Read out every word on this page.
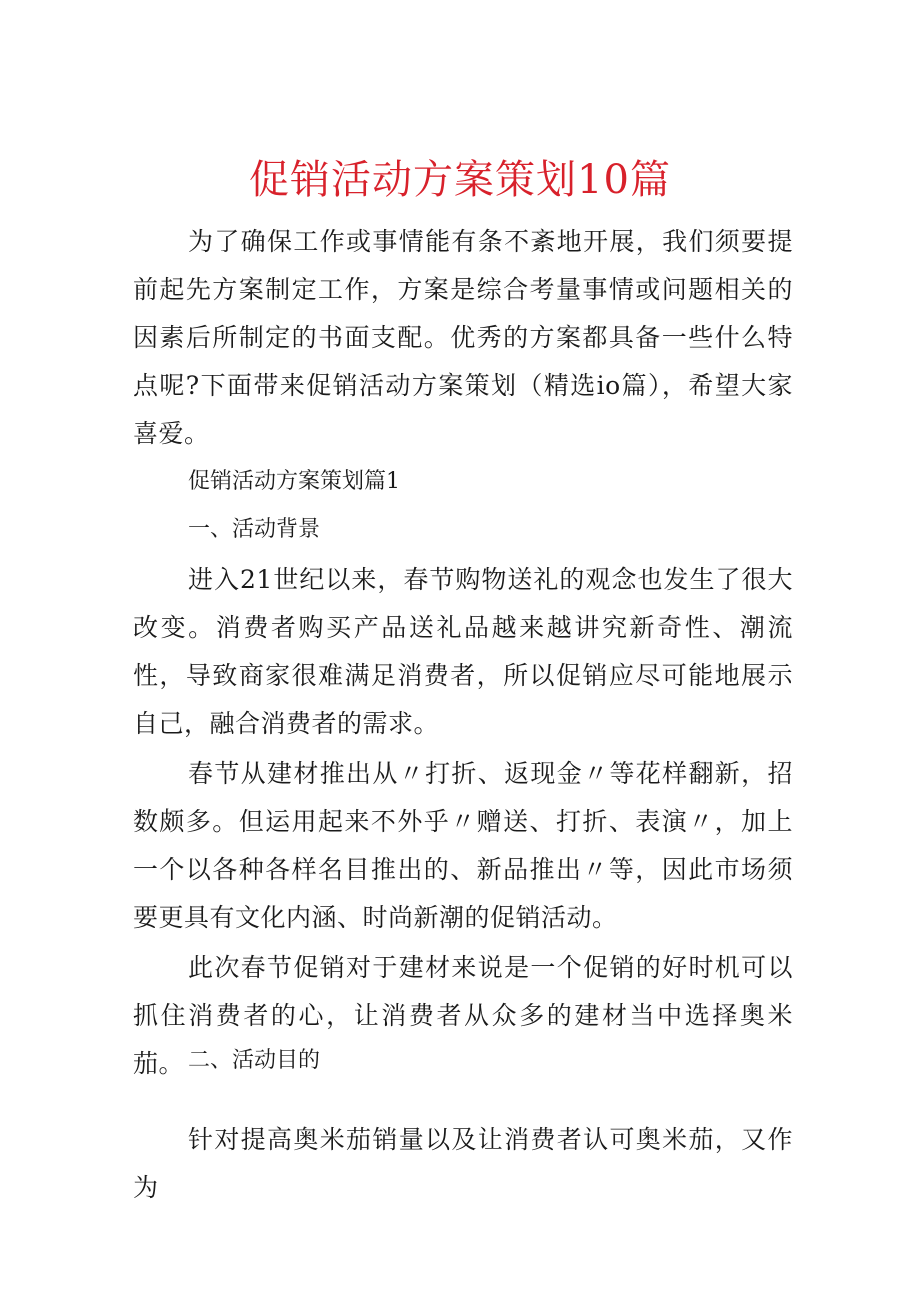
促销活动方案策划10篇

为了确保工作或事情能有条不紊地开展，我们须要提前起先方案制定工作，方案是综合考量事情或问题相关的因素后所制定的书面支配。优秀的方案都具备一些什么特点呢?下面带来促销活动方案策划（精选io篇），希望大家喜爱。

促销活动方案策划篇1

一、活动背景

进入21世纪以来，春节购物送礼的观念也发生了很大改变。消费者购买产品送礼品越来越讲究新奇性、潮流性，导致商家很难满足消费者，所以促销应尽可能地展示自己，融合消费者的需求。

春节从建材推出从〃打折、返现金〃等花样翻新，招数颇多。但运用起来不外乎〃赠送、打折、表演〃，加上一个以各种各样名目推出的、新品推出〃等，因此市场须要更具有文化内涵、时尚新潮的促销活动。

此次春节促销对于建材来说是一个促销的好时机可以抓住消费者的心，让消费者从众多的建材当中选择奥米茄。 二、活动目的

针对提高奥米茄销量以及让消费者认可奥米茄，又作为
